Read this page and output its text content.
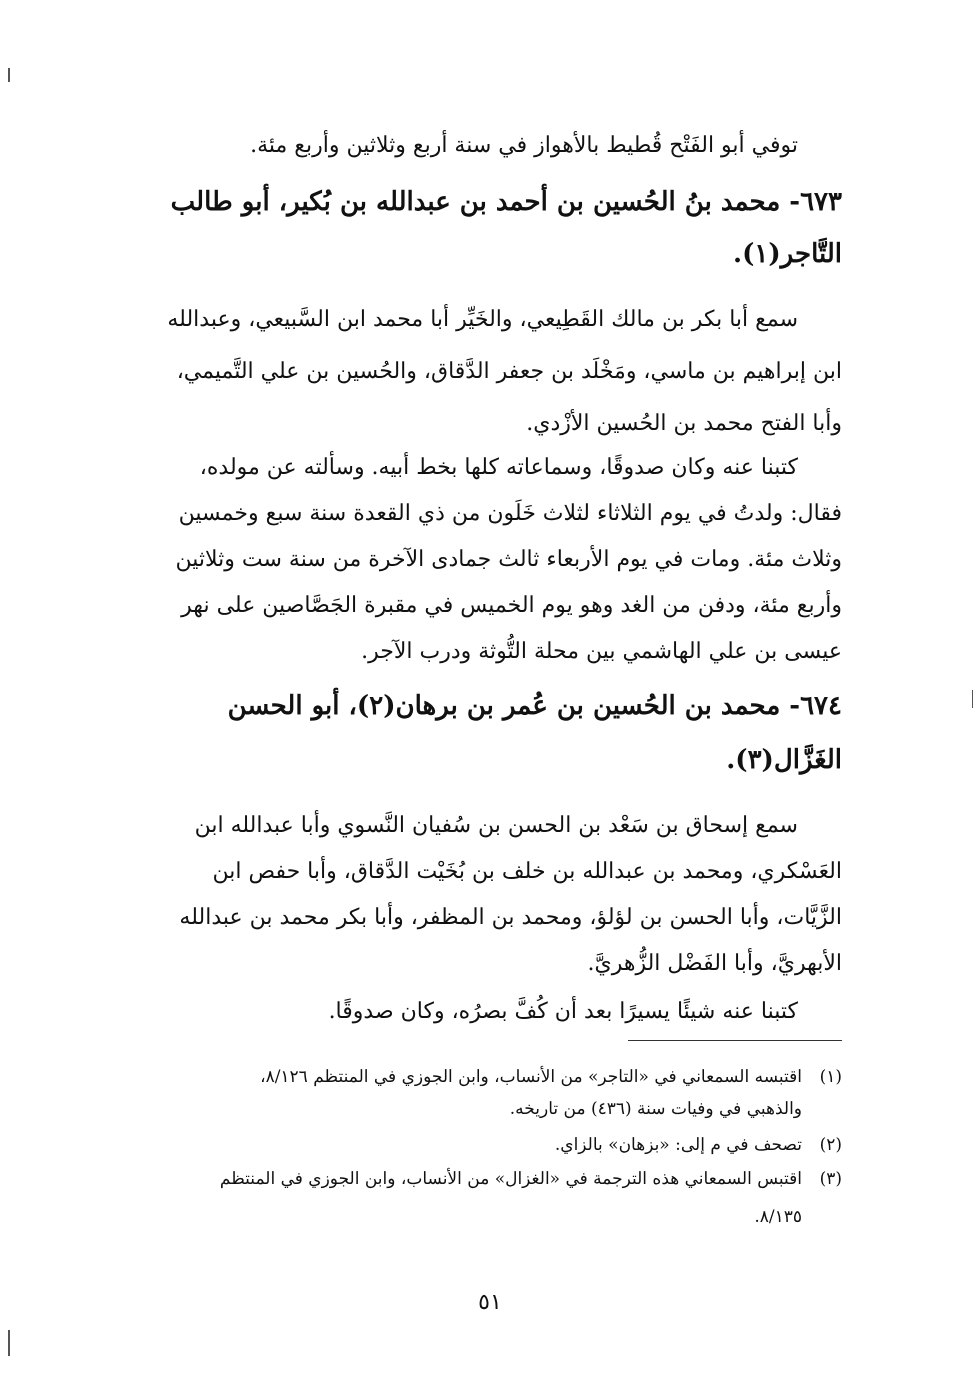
توفي أبو الفَتْح قُطيط بالأهواز في سنة أربع وثلاثين وأربع مئة.
٦٧٣- محمد بنُ الحُسين بن أحمد بن عبدالله بن بُكير، أبو طالب
التَّاجر(١).
سمع أبا بكر بن مالك القَطِيعي، والخَيِّر أبا محمد ابن السَّبيعي، وعبدالله
ابن إبراهيم بن ماسي، ومَخْلَد بن جعفر الدَّقاق، والحُسين بن علي التَّميمي،
وأبا الفتح محمد بن الحُسين الأزْدي.
كتبنا عنه وكان صدوقًا، وسماعاته كلها بخط أبيه. وسألته عن مولده،
فقال: ولدتُ في يوم الثلاثاء لثلاث خَلَون من ذي القعدة سنة سبع وخمسين
وثلاث مئة. ومات في يوم الأربعاء ثالث جمادى الآخرة من سنة ست وثلاثين
وأربع مئة، ودفن من الغد وهو يوم الخميس في مقبرة الجَصَّاصين على نهر
عيسى بن علي الهاشمي بين محلة التُّوثة ودرب الآجر.
٦٧٤- محمد بن الحُسين بن عُمر بن برهان(٢)، أبو الحسن
الغَزَّال(٣).
سمع إسحاق بن سَعْد بن الحسن بن سُفيان النَّسوي وأبا عبدالله ابن
العَسْكري، ومحمد بن عبدالله بن خلف بن بُخَيْت الدَّقاق، وأبا حفص ابن
الزَّيَّات، وأبا الحسن بن لؤلؤ، ومحمد بن المظفر، وأبا بكر محمد بن عبدالله
الأبهريَّ، وأبا الفَضْل الزُّهريَّ.
كتبنا عنه شيئًا يسيرًا بعد أن كُفَّ بصرُه، وكان صدوقًا.
(١)اقتبسه السمعاني في «التاجر» من الأنساب، وابن الجوزي في المنتظم ٨/١٢٦،
والذهبي في وفيات سنة (٤٣٦) من تاريخه.
(٢)تصحف في م إلى: «بزهان» بالزاي.
(٣)اقتبس السمعاني هذه الترجمة في «الغزال» من الأنساب، وابن الجوزي في المنتظم
٨/١٣٥.
٥١
